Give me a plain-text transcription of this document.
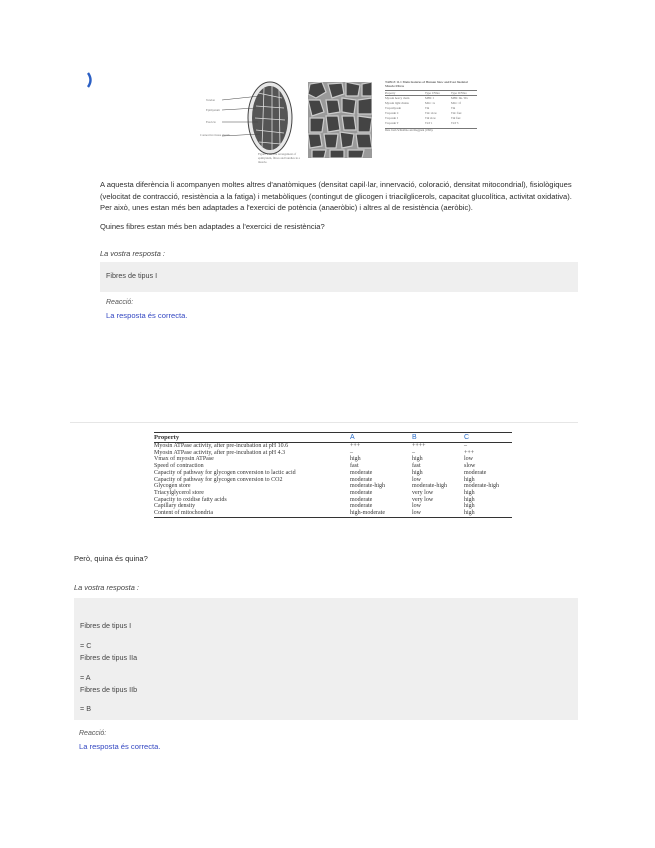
Tendon
Epimysium
Fascicle
Connective tissue sheath
Figure 14.3 The arrangement of epimysium, fibres and bundles in a muscle.
TABLE 11.1 Main features of Human Slow and Fast Skeletal Muscle Fibres
Property	Type I Fibre	Type II Fibre
Myosin heavy chain	MHC I	MHC IIa / IIx
Myosin light chains	MLC 1s	MLC 1f
Tropomyosin	Tm	Tm
Troponin C	TnC slow	TnC fast
Troponin I	TnI slow	TnI fast
Troponin T	TnT 1	TnT 3
Data from Schiaffino and Reggiani (1996).
A aquesta diferència li acompanyen moltes altres d'anatòmiques (densitat capil·lar, innervació, coloració, densitat mitocondrial), fisiològiques (velocitat de contracció, resistència a la fatiga) i metabòliques (contingut de glicogen i triacilglicerols, capacitat glucolítica, activitat oxidativa). Per això, unes estan més ben adaptades a l'exercici de potència (anaeròbic) i altres al de resistència (aeròbic).
Quines fibres estan més ben adaptades a l'exercici de resistència?
La vostra resposta :
Fibres de tipus I
Reacció:
La resposta és correcta.
Property	A	B	C
Myosin ATPase activity, after pre-incubation at pH 10.6	+++	++++	–
Myosin ATPase activity, after pre-incubation at pH 4.3	–	–	+++
Vmax of myosin ATPase	high	high	low
Speed of contraction	fast	fast	slow
Capacity of pathway for glycogen conversion to lactic acid	moderate	high	moderate
Capacity of pathway for glycogen conversion to CO2	moderate	low	high
Glycogen store	moderate-high	moderate-high	moderate-high
Triacylglycerol store	moderate	very low	high
Capacity to oxidise fatty acids	moderate	very low	high
Capillary density	moderate	low	high
Content of mitochondria	high-moderate	low	high
Però, quina és quina?
La vostra resposta :
Fibres de tipus I
= C
Fibres de tipus IIa
= A
Fibres de tipus IIb
= B
Reacció:
La resposta és correcta.
